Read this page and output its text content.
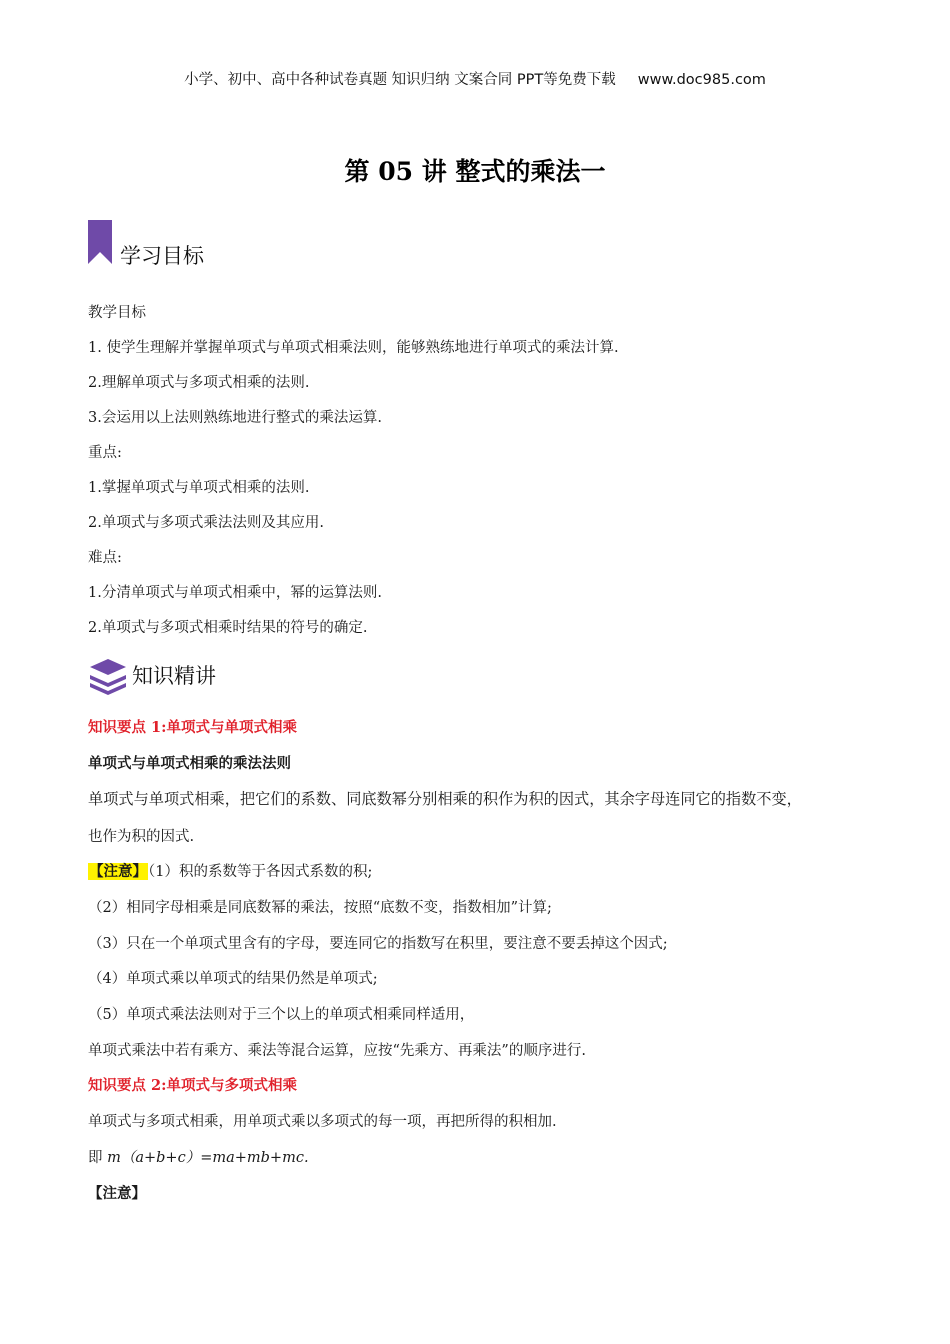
小学、初中、高中各种试卷真题 知识归纳 文案合同 PPT等免费下载 www.doc985.com
第 05 讲 整式的乘法一
学习目标
教学目标
1. 使学生理解并掌握单项式与单项式相乘法则，能够熟练地进行单项式的乘法计算.
2.理解单项式与多项式相乘的法则.
3.会运用以上法则熟练地进行整式的乘法运算.
重点:
1.掌握单项式与单项式相乘的法则.
2.单项式与多项式乘法法则及其应用.
难点:
1.分清单项式与单项式相乘中，幂的运算法则.
2.单项式与多项式相乘时结果的符号的确定.
知识精讲
知识要点 1:单项式与单项式相乘
单项式与单项式相乘的乘法法则
单项式与单项式相乘，把它们的系数、同底数幂分别相乘的积作为积的因式，其余字母连同它的指数不变，
也作为积的因式.
【注意】（1）积的系数等于各因式系数的积;
（2）相同字母相乘是同底数幂的乘法，按照“底数不变，指数相加”计算;
（3）只在一个单项式里含有的字母，要连同它的指数写在积里，要注意不要丢掉这个因式;
（4）单项式乘以单项式的结果仍然是单项式;
（5）单项式乘法法则对于三个以上的单项式相乘同样适用，
单项式乘法中若有乘方、乘法等混合运算，应按“先乘方、再乘法”的顺序进行.
知识要点 2:单项式与多项式相乘
单项式与多项式相乘，用单项式乘以多项式的每一项，再把所得的积相加.
即 m（a+b+c）=ma+mb+mc.
【注意】
